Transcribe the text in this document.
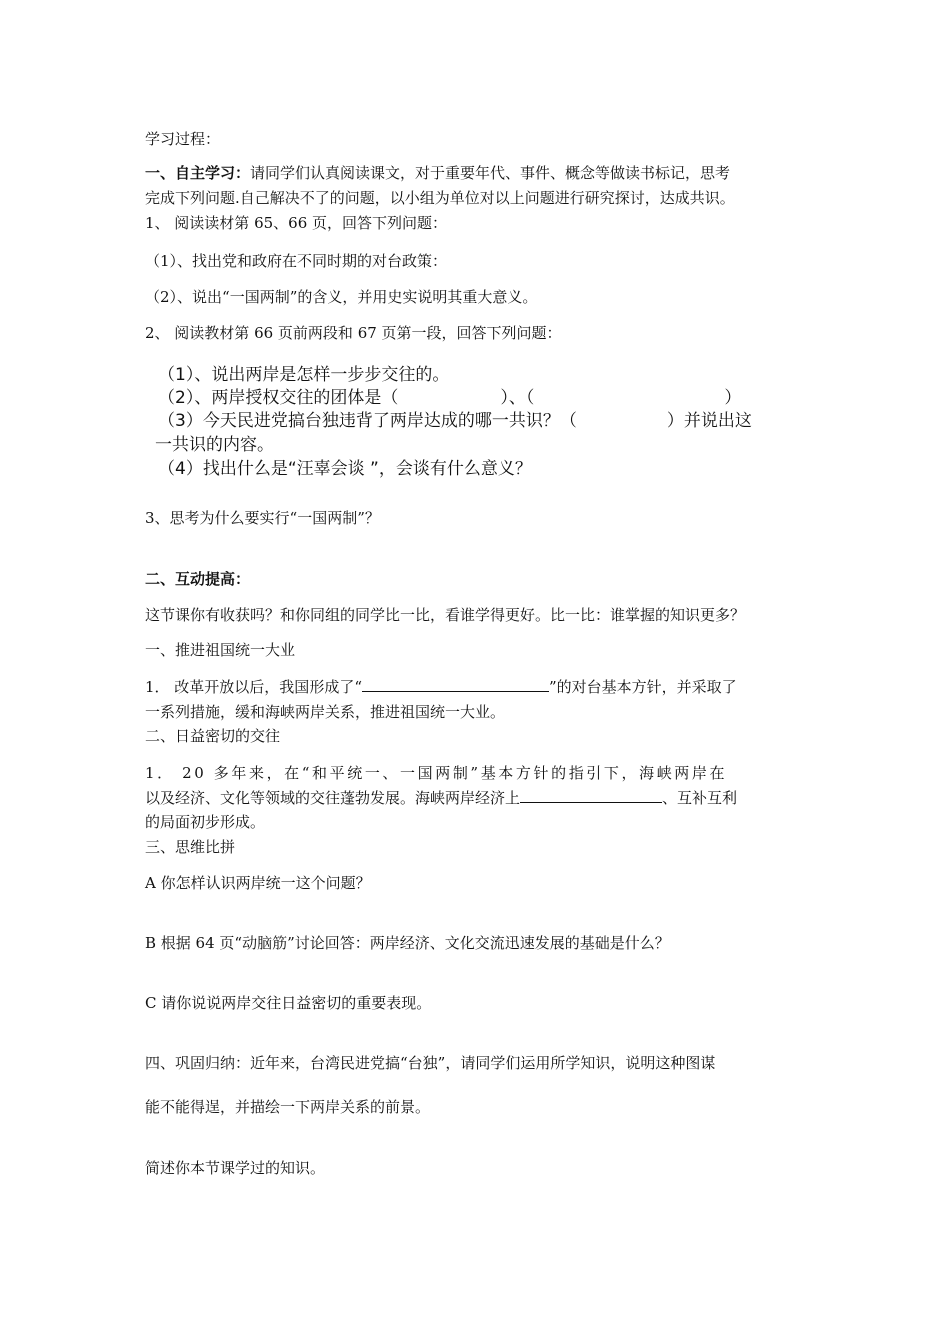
学习过程：
一、自主学习：请同学们认真阅读课文，对于重要年代、事件、概念等做读书标记，思考
完成下列问题.自己解决不了的问题，以小组为单位对以上问题进行研究探讨，达成共识。
1、 阅读读材第 65、66 页，回答下列问题：
（1）、找出党和政府在不同时期的对台政策：
（2）、说出“一国两制”的含义，并用史实说明其重大意义。
2、 阅读教材第 66 页前两段和 67 页第一段，回答下列问题：
（1）、说出两岸是怎样一步步交往的。
（2）、两岸授权交往的团体是（	）、（	）
（3）今天民进党搞台独违背了两岸达成的哪一共识？（	）并说出这
一共识的内容。
（4）找出什么是“汪辜会谈 ”，会谈有什么意义？
3、思考为什么要实行“一国两制”？
二、互动提高：
这节课你有收获吗？和你同组的同学比一比，看谁学得更好。比一比：谁掌握的知识更多？
一、推进祖国统一大业
1． 改革开放以后，我国形成了“	”的对台基本方针，并采取了
一系列措施，缓和海峡两岸关系，推进祖国统一大业。
二、日益密切的交往
1． 20 多年来，在“和平统一、一国两制”基本方针的指引下，海峡两岸在
以及经济、文化等领域的交往蓬勃发展。海峡两岸经济上	、互补互利
的局面初步形成。
三、思维比拼
A 你怎样认识两岸统一这个问题？
B 根据 64 页“动脑筋”讨论回答：两岸经济、文化交流迅速发展的基础是什么？
C 请你说说两岸交往日益密切的重要表现。
四、巩固归纳：近年来，台湾民进党搞“台独”，请同学们运用所学知识，说明这种图谋
能不能得逞，并描绘一下两岸关系的前景。
简述你本节课学过的知识。
